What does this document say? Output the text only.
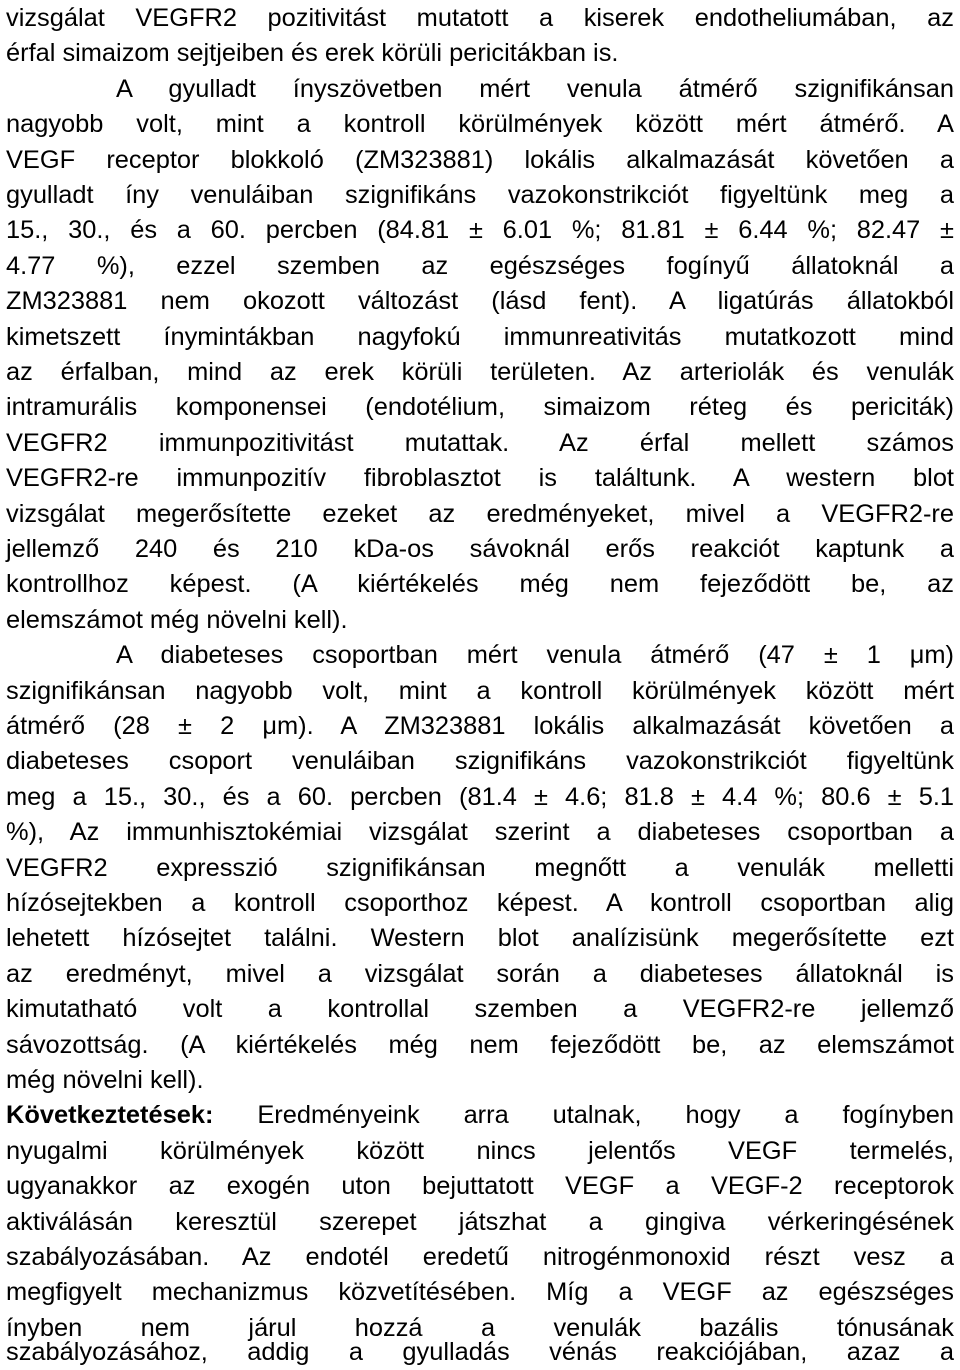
vizsgálat VEGFR2 pozitivitást mutatott a kiserek endotheliumában, az
érfal simaizom sejtjeiben és erek körüli pericitákban is.
A gyulladt ínyszövetben mért venula átmérő szignifikánsan
nagyobb volt, mint a kontroll körülmények között mért átmérő. A
VEGF receptor blokkoló (ZM323881) lokális alkalmazását követően a
gyulladt íny venuláiban szignifikáns vazokonstrikciót figyeltünk meg a
15., 30., és a 60. percben (84.81 ± 6.01 %; 81.81 ± 6.44 %; 82.47 ±
4.77 %), ezzel szemben az egészséges fogínyű állatoknál a
ZM323881 nem okozott változást (lásd fent). A ligatúrás állatokból
kimetszett ínymintákban nagyfokú immunreativitás mutatkozott mind
az érfalban, mind az erek körüli területen. Az arteriolák és venulák
intramurális komponensei (endotélium, simaizom réteg és periciták)
VEGFR2 immunpozitivitást mutattak. Az érfal mellett számos
VEGFR2-re immunpozitív fibroblasztot is találtunk. A western blot
vizsgálat megerősítette ezeket az eredményeket, mivel a VEGFR2-re
jellemző 240 és 210 kDa-os sávoknál erős reakciót kaptunk a
kontrollhoz képest. (A kiértékelés még nem fejeződött be, az
elemszámot még növelni kell).
A diabeteses csoportban mért venula átmérő (47 ± 1 μm)
szignifikánsan nagyobb volt, mint a kontroll körülmények között mért
átmérő (28 ± 2 μm). A ZM323881 lokális alkalmazását követően a
diabeteses csoport venuláiban szignifikáns vazokonstrikciót figyeltünk
meg a 15., 30., és a 60. percben (81.4 ± 4.6; 81.8 ± 4.4 %; 80.6 ± 5.1
%), Az immunhisztokémiai vizsgálat szerint a diabeteses csoportban a
VEGFR2 expresszió szignifikánsan megnőtt a venulák melletti
hízósejtekben a kontroll csoporthoz képest. A kontroll csoportban alig
lehetett hízósejtet találni. Western blot analízisünk megerősítette ezt
az eredményt, mivel a vizsgálat során a diabeteses állatoknál is
kimutatható volt a kontrollal szemben a VEGFR2-re jellemző
sávozottság. (A kiértékelés még nem fejeződött be, az elemszámot
még növelni kell).
Következtetések: Eredményeink arra utalnak, hogy a fogínyben
nyugalmi körülmények között nincs jelentős VEGF termelés,
ugyanakkor az exogén uton bejuttatott VEGF a VEGF-2 receptorok
aktiválásán keresztül szerepet játszhat a gingiva vérkeringésének
szabályozásában. Az endotél eredetű nitrogénmonoxid részt vesz a
megfigyelt mechanizmus közvetítésében. Míg a VEGF az egészséges
ínyben nem járul hozzá a venulák bazális tónusának
szabályozásához, addig a gyulladás vénás reakciójában, azaz a
